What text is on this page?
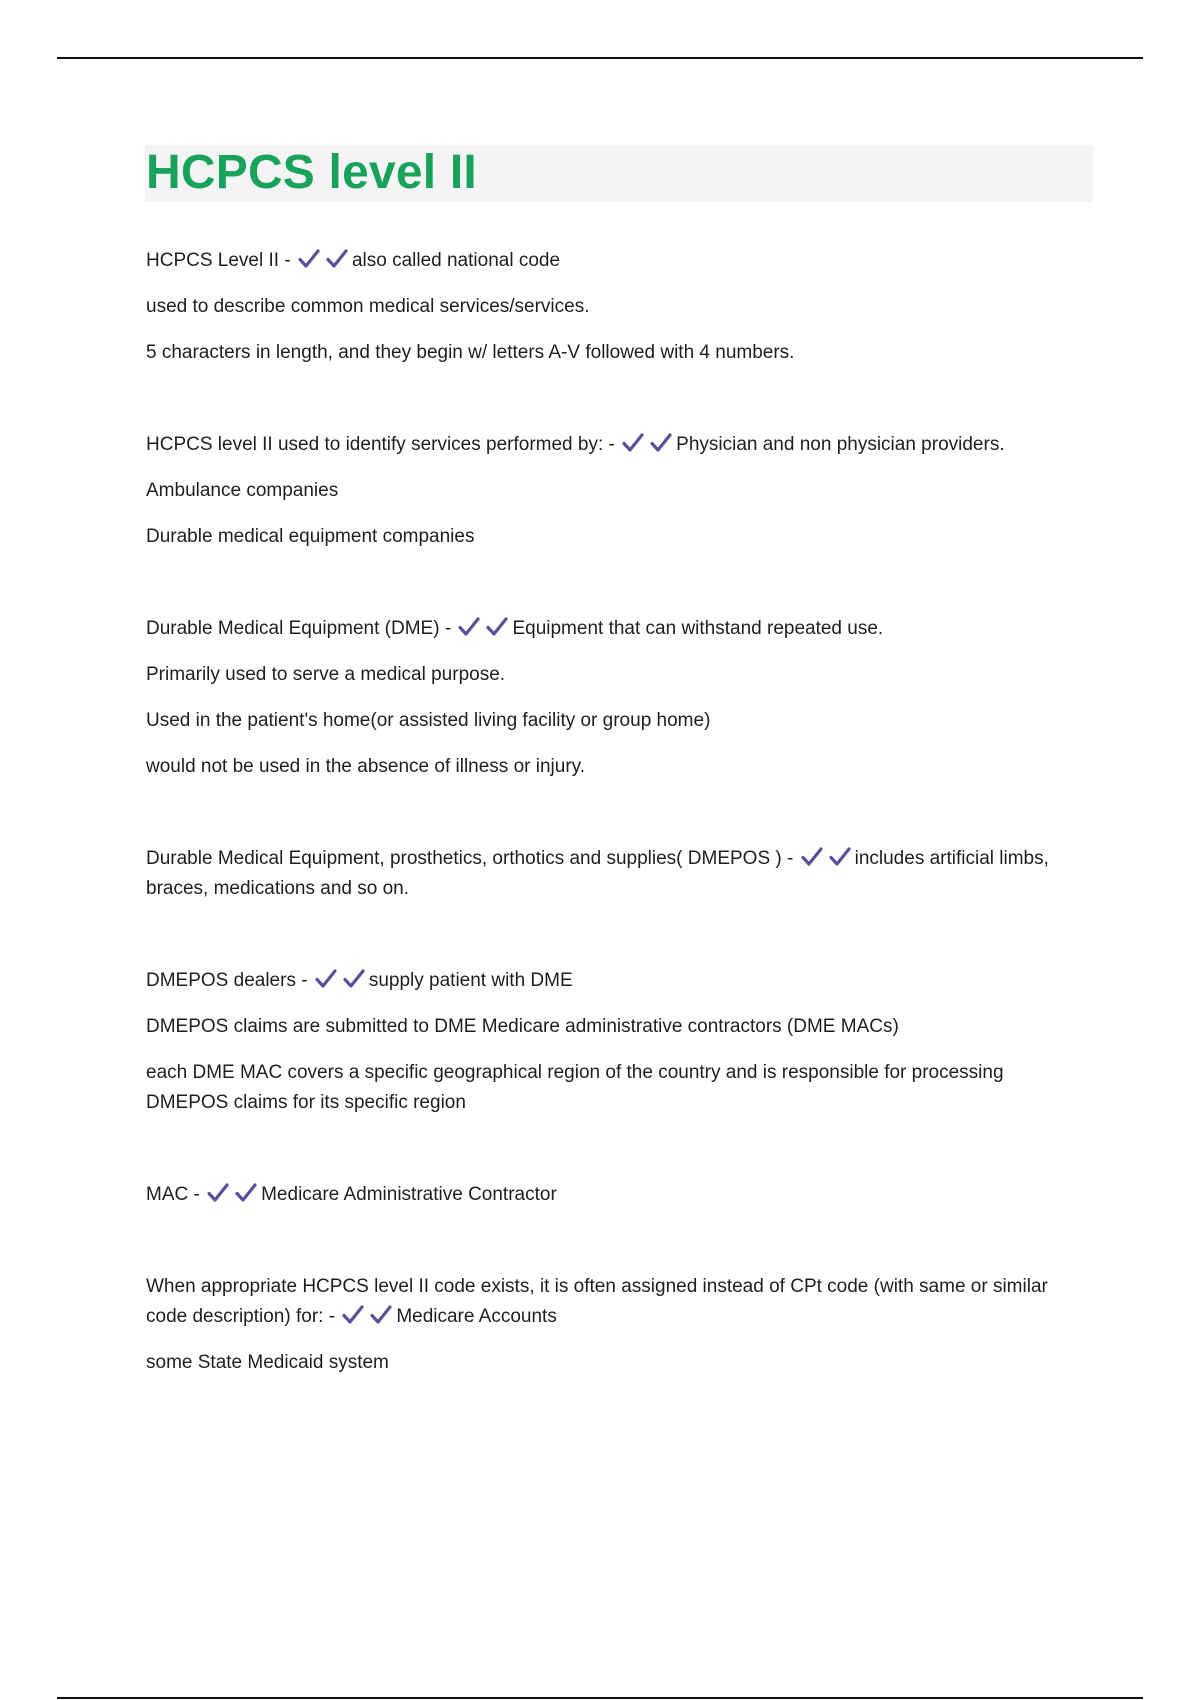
HCPCS level II

HCPCS Level II -	also called national code

used to describe common medical services/services.

5 characters in length, and they begin w/ letters A-V followed with 4 numbers.

HCPCS level II used to identify services performed by: -	Physician and non physician providers.

Ambulance companies

Durable medical equipment companies

Durable Medical Equipment (DME) -	Equipment that can withstand repeated use.

Primarily used to serve a medical purpose.

Used in the patient's home(or assisted living facility or group home)

would not be used in the absence of illness or injury.

Durable Medical Equipment, prosthetics, orthotics and supplies( DMEPOS ) -	includes artificial limbs, braces, medications and so on.

DMEPOS dealers -	supply patient with DME

DMEPOS claims are submitted to DME Medicare administrative contractors (DME MACs)

each DME MAC covers a specific geographical region of the country and is responsible for processing DMEPOS claims for its specific region

MAC -	Medicare Administrative Contractor

When appropriate HCPCS level II code exists, it is often assigned instead of CPt code (with same or similar code description) for: -	Medicare Accounts

some State Medicaid system
